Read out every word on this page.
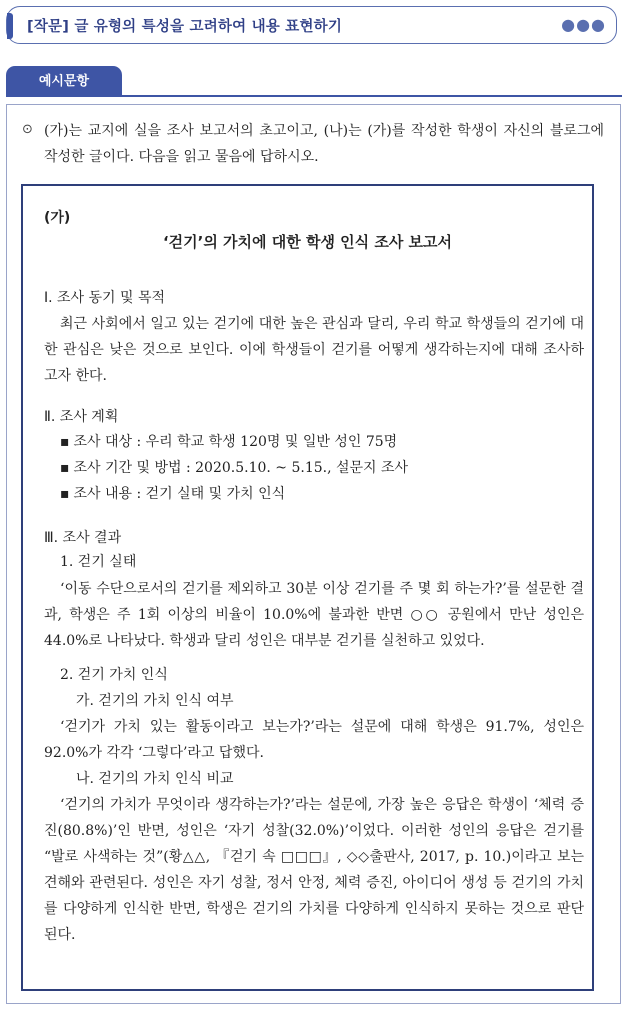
[작문] 글 유형의 특성을 고려하여 내용 표현하기	●●●
예시문항
⊙ (가)는 교지에 실을 조사 보고서의 초고이고, (나)는 (가)를 작성한 학생이 자신의 블로그에 작성한 글이다. 다음을 읽고 물음에 답하시오.
(가)
‘걷기’의 가치에 대한 학생 인식 조사 보고서
Ⅰ. 조사 동기 및 목적
최근 사회에서 일고 있는 걷기에 대한 높은 관심과 달리, 우리 학교 학생들의 걷기에 대한 관심은 낮은 것으로 보인다. 이에 학생들이 걷기를 어떻게 생각하는지에 대해 조사하고자 한다.
Ⅱ. 조사 계획
▪ 조사 대상 : 우리 학교 학생 120명 및 일반 성인 75명
▪ 조사 기간 및 방법 : 2020.5.10. ~ 5.15., 설문지 조사
▪ 조사 내용 : 걷기 실태 및 가치 인식
Ⅲ. 조사 결과
1. 걷기 실태
‘이동 수단으로서의 걷기를 제외하고 30분 이상 걷기를 주 몇 회 하는가?’를 설문한 결과, 학생은 주 1회 이상의 비율이 10.0%에 불과한 반면 ○○ 공원에서 만난 성인은 44.0%로 나타났다. 학생과 달리 성인은 대부분 걷기를 실천하고 있었다.
2. 걷기 가치 인식
가. 걷기의 가치 인식 여부
‘걷기가 가치 있는 활동이라고 보는가?’라는 설문에 대해 학생은 91.7%, 성인은 92.0%가 각각 ‘그렇다’라고 답했다.
나. 걷기의 가치 인식 비교
‘걷기의 가치가 무엇이라 생각하는가?’라는 설문에, 가장 높은 응답은 학생이 ‘체력 증진(80.8%)’인 반면, 성인은 ‘자기 성찰(32.0%)’이었다. 이러한 성인의 응답은 걷기를 “발로 사색하는 것”(황△△, 『걷기 속 □□□』, ◇◇출판사, 2017, p. 10.)이라고 보는 견해와 관련된다. 성인은 자기 성찰, 정서 안정, 체력 증진, 아이디어 생성 등 걷기의 가치를 다양하게 인식한 반면, 학생은 걷기의 가치를 다양하게 인식하지 못하는 것으로 판단된다.
